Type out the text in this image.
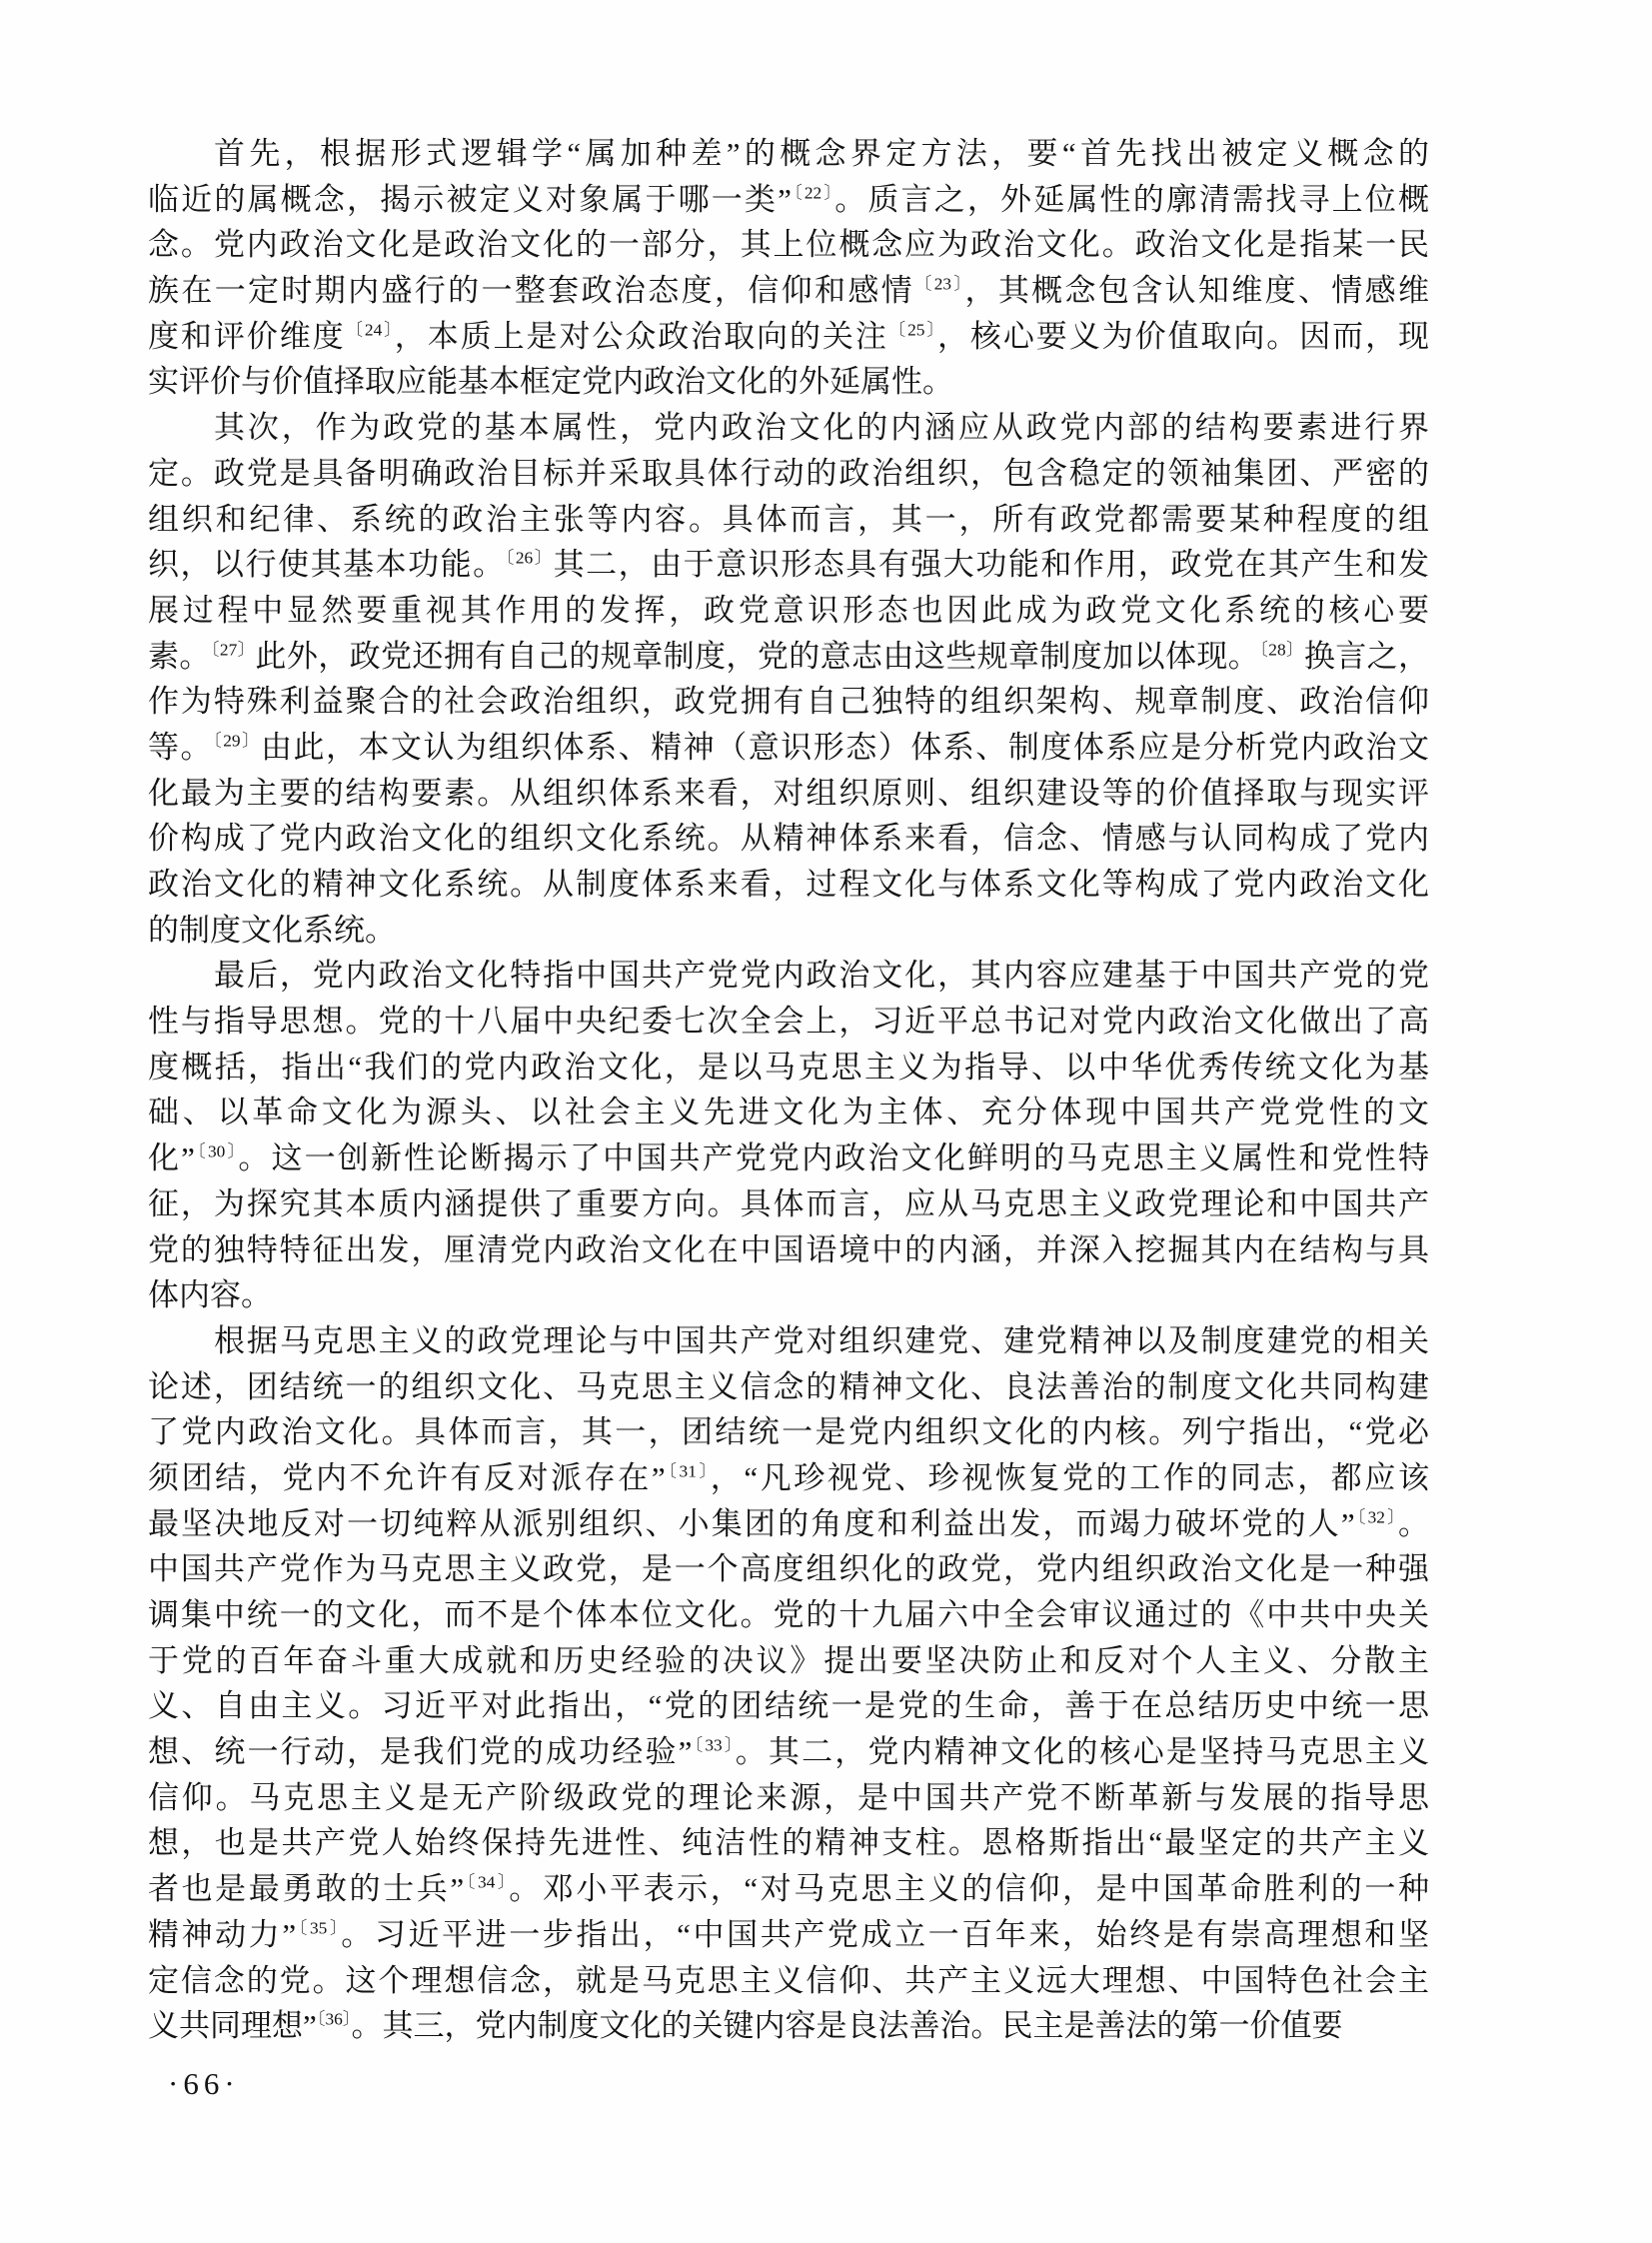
首先，根据形式逻辑学“属加种差”的概念界定方法，要“首先找出被定义概念的
临近的属概念，揭示被定义对象属于哪一类”$^{〔22〕}$。质言之，外延属性的廓清需找寻上位概
念。党内政治文化是政治文化的一部分，其上位概念应为政治文化。政治文化是指某一民
族在一定时期内盛行的一整套政治态度，信仰和感情$^{〔23〕}$，其概念包含认知维度、情感维
度和评价维度$^{〔24〕}$，本质上是对公众政治取向的关注$^{〔25〕}$，核心要义为价值取向。因而，现
实评价与价值择取应能基本框定党内政治文化的外延属性。
其次，作为政党的基本属性，党内政治文化的内涵应从政党内部的结构要素进行界
定。政党是具备明确政治目标并采取具体行动的政治组织，包含稳定的领袖集团、严密的
组织和纪律、系统的政治主张等内容。具体而言，其一，所有政党都需要某种程度的组
织，以行使其基本功能。$^{〔26〕}$其二，由于意识形态具有强大功能和作用，政党在其产生和发
展过程中显然要重视其作用的发挥，政党意识形态也因此成为政党文化系统的核心要
素。$^{〔27〕}$此外，政党还拥有自己的规章制度，党的意志由这些规章制度加以体现。$^{〔28〕}$换言之，
作为特殊利益聚合的社会政治组织，政党拥有自己独特的组织架构、规章制度、政治信仰
等。$^{〔29〕}$由此，本文认为组织体系、精神（意识形态）体系、制度体系应是分析党内政治文
化最为主要的结构要素。从组织体系来看，对组织原则、组织建设等的价值择取与现实评
价构成了党内政治文化的组织文化系统。从精神体系来看，信念、情感与认同构成了党内
政治文化的精神文化系统。从制度体系来看，过程文化与体系文化等构成了党内政治文化
的制度文化系统。
最后，党内政治文化特指中国共产党党内政治文化，其内容应建基于中国共产党的党
性与指导思想。党的十八届中央纪委七次全会上，习近平总书记对党内政治文化做出了高
度概括，指出“我们的党内政治文化，是以马克思主义为指导、以中华优秀传统文化为基
础、以革命文化为源头、以社会主义先进文化为主体、充分体现中国共产党党性的文
化”$^{〔30〕}$。这一创新性论断揭示了中国共产党党内政治文化鲜明的马克思主义属性和党性特
征，为探究其本质内涵提供了重要方向。具体而言，应从马克思主义政党理论和中国共产
党的独特特征出发，厘清党内政治文化在中国语境中的内涵，并深入挖掘其内在结构与具
体内容。
根据马克思主义的政党理论与中国共产党对组织建党、建党精神以及制度建党的相关
论述，团结统一的组织文化、马克思主义信念的精神文化、良法善治的制度文化共同构建
了党内政治文化。具体而言，其一，团结统一是党内组织文化的内核。列宁指出，“党必
须团结，党内不允许有反对派存在”$^{〔31〕}$，“凡珍视党、珍视恢复党的工作的同志，都应该
最坚决地反对一切纯粹从派别组织、小集团的角度和利益出发，而竭力破坏党的人”$^{〔32〕}$。
中国共产党作为马克思主义政党，是一个高度组织化的政党，党内组织政治文化是一种强
调集中统一的文化，而不是个体本位文化。党的十九届六中全会审议通过的《中共中央关
于党的百年奋斗重大成就和历史经验的决议》提出要坚决防止和反对个人主义、分散主
义、自由主义。习近平对此指出，“党的团结统一是党的生命，善于在总结历史中统一思
想、统一行动，是我们党的成功经验”$^{〔33〕}$。其二，党内精神文化的核心是坚持马克思主义
信仰。马克思主义是无产阶级政党的理论来源，是中国共产党不断革新与发展的指导思
想，也是共产党人始终保持先进性、纯洁性的精神支柱。恩格斯指出“最坚定的共产主义
者也是最勇敢的士兵”$^{〔34〕}$。邓小平表示，“对马克思主义的信仰，是中国革命胜利的一种
精神动力”$^{〔35〕}$。习近平进一步指出，“中国共产党成立一百年来，始终是有崇高理想和坚
定信念的党。这个理想信念，就是马克思主义信仰、共产主义远大理想、中国特色社会主
义共同理想”$^{〔36〕}$。其三，党内制度文化的关键内容是良法善治。民主是善法的第一价值要
·66·
